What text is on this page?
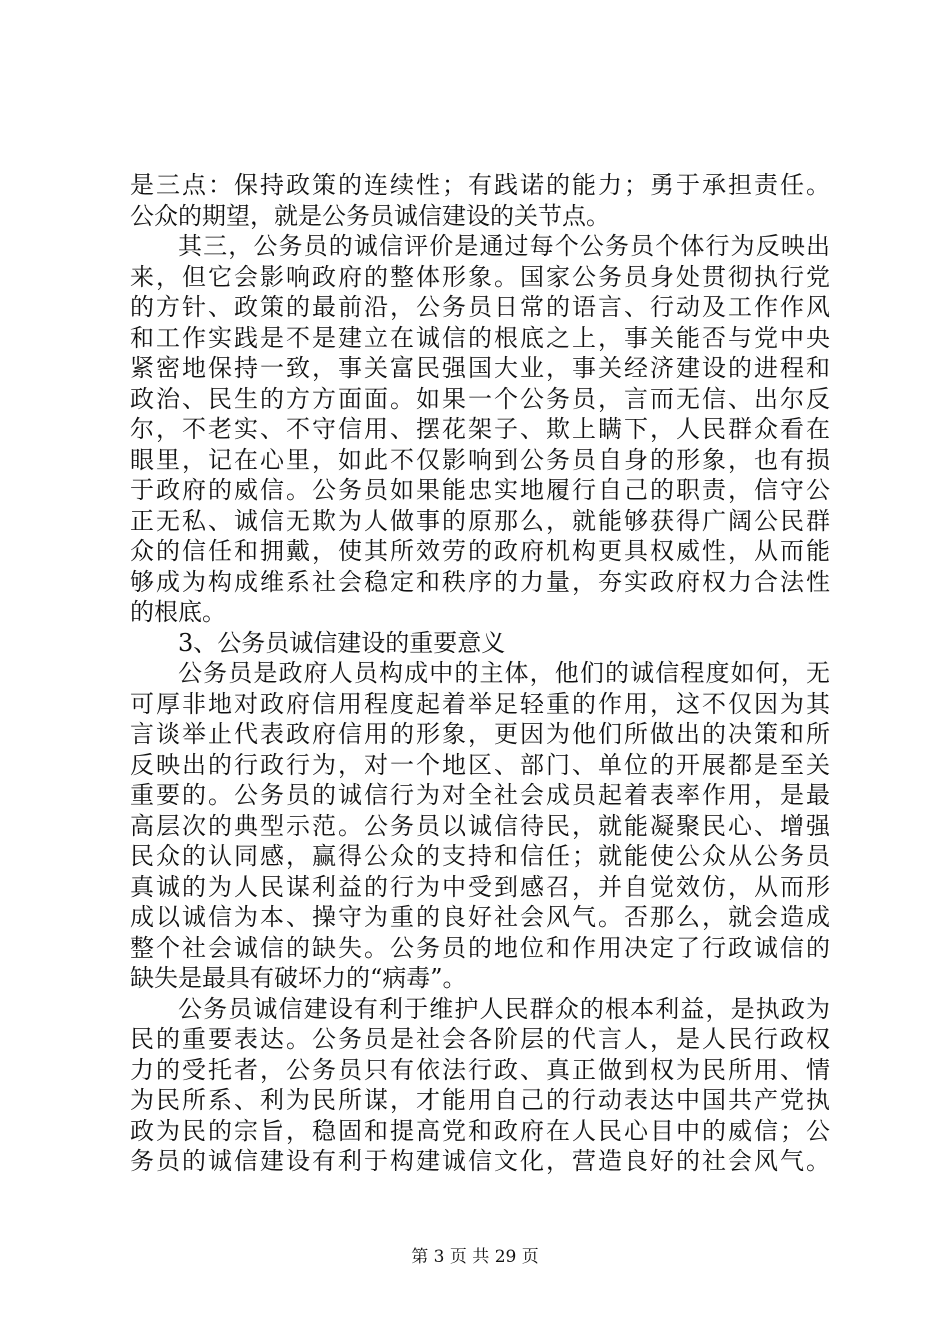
是三点：保持政策的连续性；有践诺的能力；勇于承担责任。
公众的期望，就是公务员诚信建设的关节点。
其三，公务员的诚信评价是通过每个公务员个体行为反映出
来，但它会影响政府的整体形象。国家公务员身处贯彻执行党
的方针、政策的最前沿，公务员日常的语言、行动及工作作风
和工作实践是不是建立在诚信的根底之上，事关能否与党中央
紧密地保持一致，事关富民强国大业，事关经济建设的进程和
政治、民生的方方面面。如果一个公务员，言而无信、出尔反
尔，不老实、不守信用、摆花架子、欺上瞒下，人民群众看在
眼里，记在心里，如此不仅影响到公务员自身的形象，也有损
于政府的威信。公务员如果能忠实地履行自己的职责，信守公
正无私、诚信无欺为人做事的原那么，就能够获得广阔公民群
众的信任和拥戴，使其所效劳的政府机构更具权威性，从而能
够成为构成维系社会稳定和秩序的力量，夯实政府权力合法性
的根底。
3、公务员诚信建设的重要意义
公务员是政府人员构成中的主体，他们的诚信程度如何，无
可厚非地对政府信用程度起着举足轻重的作用，这不仅因为其
言谈举止代表政府信用的形象，更因为他们所做出的决策和所
反映出的行政行为，对一个地区、部门、单位的开展都是至关
重要的。公务员的诚信行为对全社会成员起着表率作用，是最
高层次的典型示范。公务员以诚信待民，就能凝聚民心、增强
民众的认同感，赢得公众的支持和信任；就能使公众从公务员
真诚的为人民谋利益的行为中受到感召，并自觉效仿，从而形
成以诚信为本、操守为重的良好社会风气。否那么，就会造成
整个社会诚信的缺失。公务员的地位和作用决定了行政诚信的
缺失是最具有破坏力的“病毒”。
公务员诚信建设有利于维护人民群众的根本利益，是执政为
民的重要表达。公务员是社会各阶层的代言人，是人民行政权
力的受托者，公务员只有依法行政、真正做到权为民所用、情
为民所系、利为民所谋，才能用自己的行动表达中国共产党执
政为民的宗旨，稳固和提高党和政府在人民心目中的威信；公
务员的诚信建设有利于构建诚信文化，营造良好的社会风气。
第 3 页 共 29 页
